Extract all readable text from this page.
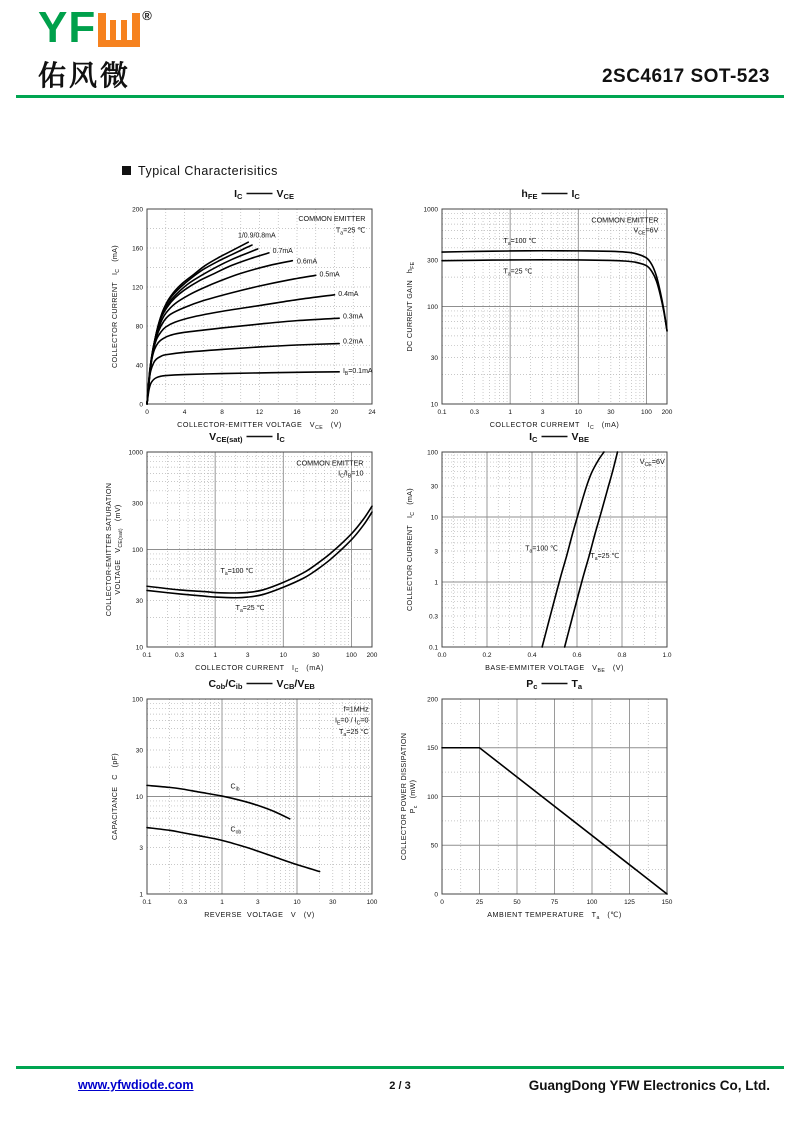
YF	®
佑风微	2SC4617 SOT-523
Typical Characterisitics
0	4	8	12	16	20	24
0
40
80
120
160
200
COLLECTOR-EMITTER VOLTAGE   $V_{CE}$   (V)
COLLECTOR CURRENT   $I_C$   (mA)
IC	VCE
1/0.9/0.8mA
0.7mA
0.6mA
0.5mA
0.4mA
0.3mA
0.2mA
$I_B=0.1mA$
COMMON EMITTER
$T_a=25$ ℃
0.1	0.3	1	3	10	30	100 200
10
30
100
300
1000
COLLECTOR CURREMT   $I_C$   (mA)
DC CURRENT GAIN   $h_{FE}$
hFE	IC
$T_a=100$ ℃
$T_a=25$ ℃
COMMON EMITTER
$V_{CE}=6V$
0.1	0.3	1	3	10	30	100 200
10
30
100
300
1000
COLLECTOR CURRENT   $I_C$   (mA)
COLLECTOR-EMITTER SATURATION VOLTAGE   $V_{CE(sat)}$   (mV)
VCE(sat)	IC
$T_a=100$ ℃
$T_a=25$ ℃
COMMON EMITTER
$I_C/I_B=10$
0.0	0.2	0.4	0.6	0.8	1.0
0.1
0.3
1
3
10
30
100
BASE-EMMITER VOLTAGE   $V_{BE}$   (V)
COLLECTOR CURRENT   $I_C$   (mA)
IC	VBE
$T_a=100$ ℃
$T_a=25$ ℃
$V_{CE}=6V$
0.1	0.3	1	3	10	30	100
1
3
10
30
100
REVERSE  VOLTAGE   V   (V)
CAPACITANCE   C   (pF)
Cob/Cib	VCB/VEB
$C_{ib}$
$C_{ob}$
f=1MHz
$I_E=0 / I_C=0$
$T_a=25$ °C
0	25	50	75	100	125	150
0
50
100
150
200
AMBIENT TEMPERATURE   $T_a$   (℃)
COLLECTOR POWER DISSIPATION $P_c$   (mW)
Pc	Ta
www.yfwdiode.com	2 / 3	GuangDong YFW Electronics Co, Ltd.
